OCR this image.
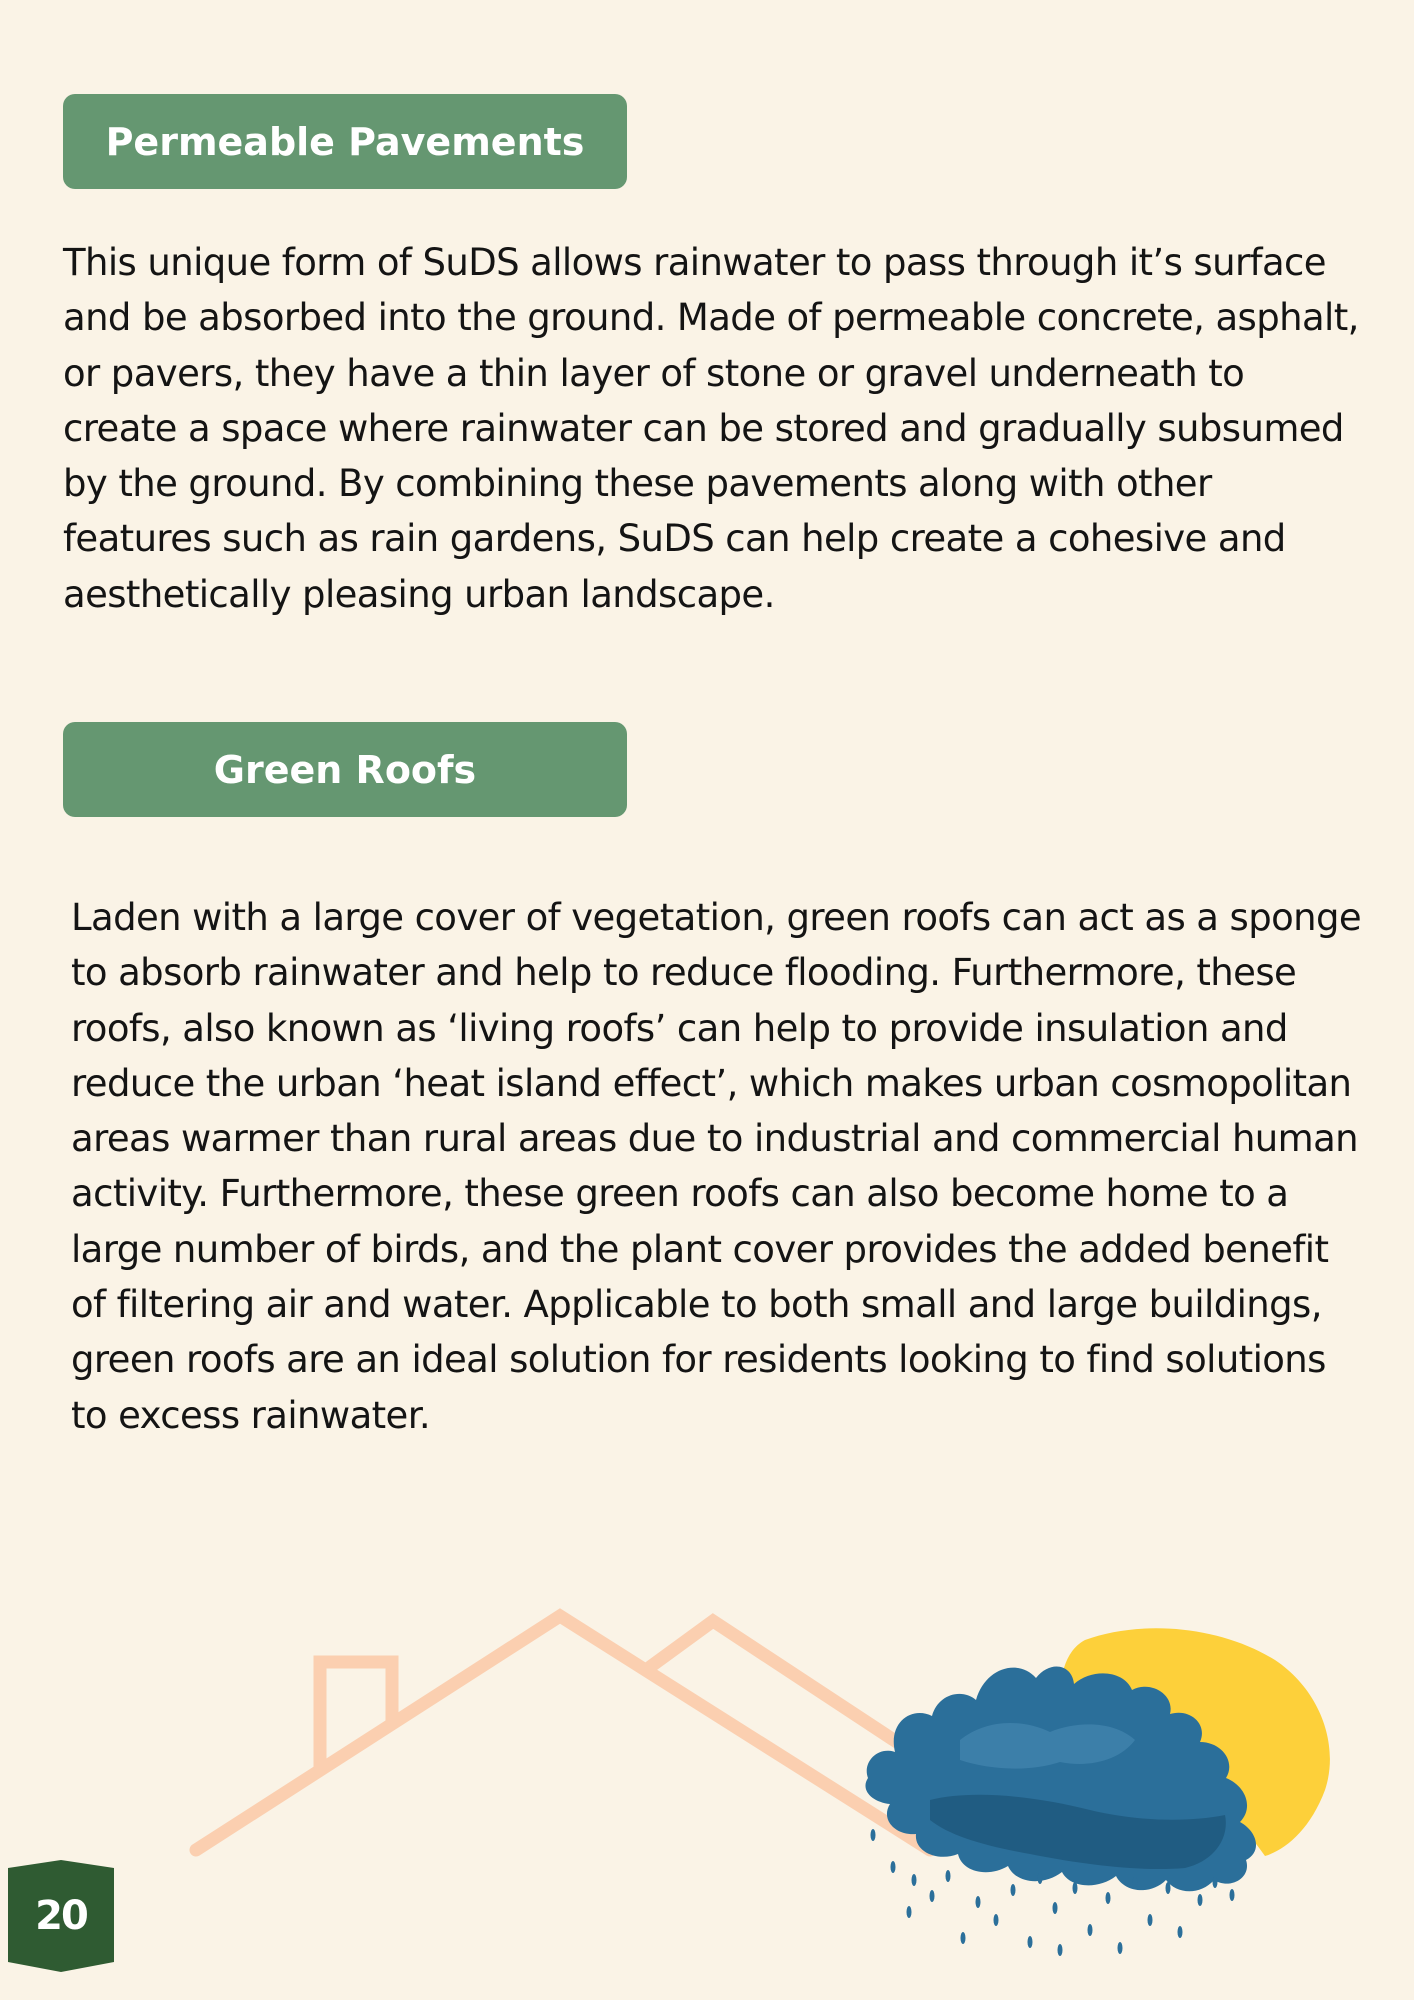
Permeable Pavements

This unique form of SuDS allows rainwater to pass through it’s surface and be absorbed into the ground. Made of permeable concrete, asphalt, or pavers, they have a thin layer of stone or gravel underneath to create a space where rainwater can be stored and gradually subsumed by the ground. By combining these pavements along with other features such as rain gardens, SuDS can help create a cohesive and aesthetically pleasing urban landscape.

Green Roofs

Laden with a large cover of vegetation, green roofs can act as a sponge to absorb rainwater and help to reduce flooding. Furthermore, these roofs, also known as ‘living roofs’ can help to provide insulation and reduce the urban ‘heat island effect’, which makes urban cosmopolitan areas warmer than rural areas due to industrial and commercial human activity. Furthermore, these green roofs can also become home to a large number of birds, and the plant cover provides the added benefit of filtering air and water. Applicable to both small and large buildings, green roofs are an ideal solution for residents looking to find solutions to excess rainwater.

20
